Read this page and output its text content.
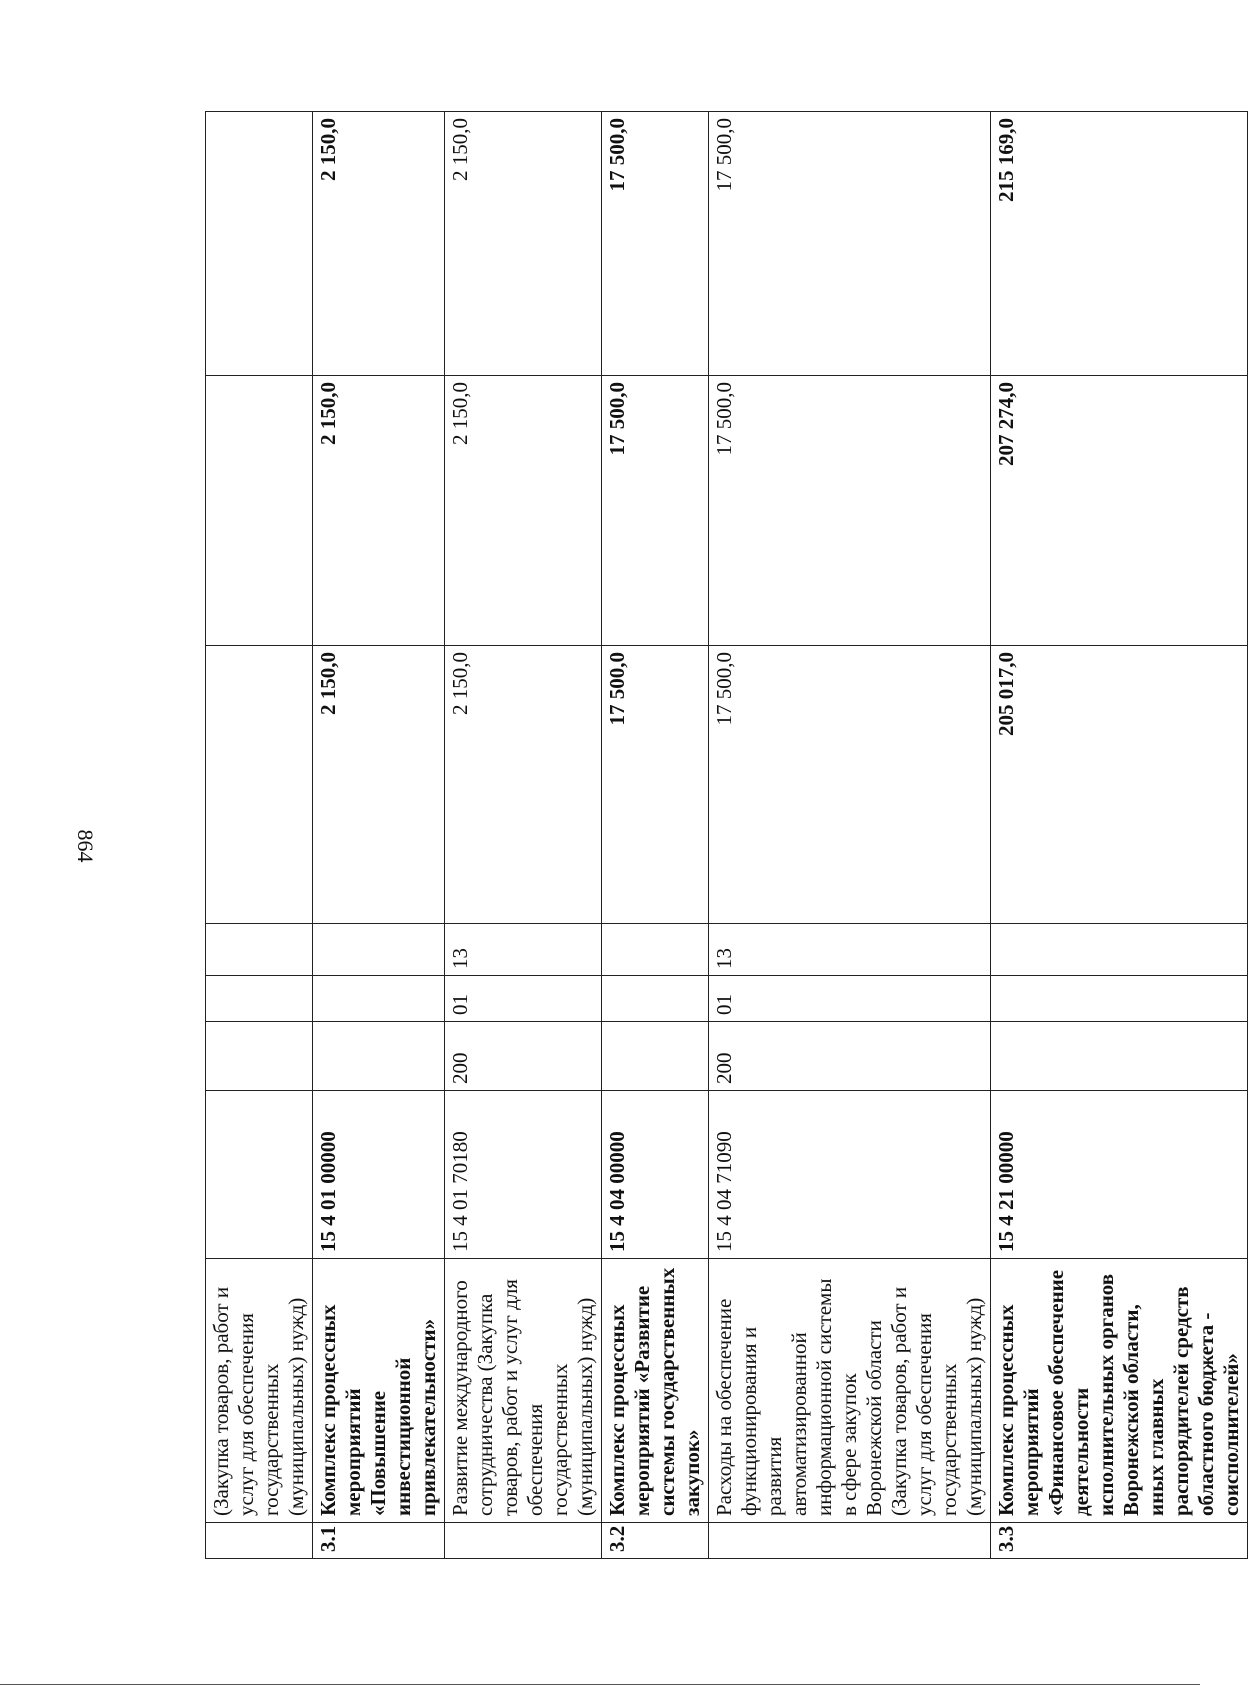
864
	(Закупка товаров, работ и услуг для обеспечения государственных (муниципальных) нужд)							
3.1	Комплекс процессных мероприятий «Повышение инвестиционной привлекательности»	15 4 01 00000				2 150,0	2 150,0	2 150,0
	Развитие международного сотрудничества (Закупка товаров, работ и услуг для обеспечения государственных (муниципальных) нужд)	15 4 01 70180	200	01	13	2 150,0	2 150,0	2 150,0
3.2	Комплекс процессных мероприятий «Развитие системы государственных закупок»	15 4 04 00000				17 500,0	17 500,0	17 500,0
	Расходы на обеспечение функционирования и развития автоматизированной информационной системы в сфере закупок Воронежской области (Закупка товаров, работ и услуг для обеспечения государственных (муниципальных) нужд)	15 4 04 71090	200	01	13	17 500,0	17 500,0	17 500,0
3.3	Комплекс процессных мероприятий «Финансовое обеспечение деятельности исполнительных органов Воронежской области, иных главных распорядителей средств областного бюджета - соисполнителей»	15 4 21 00000				205 017,0	207 274,0	215 169,0
